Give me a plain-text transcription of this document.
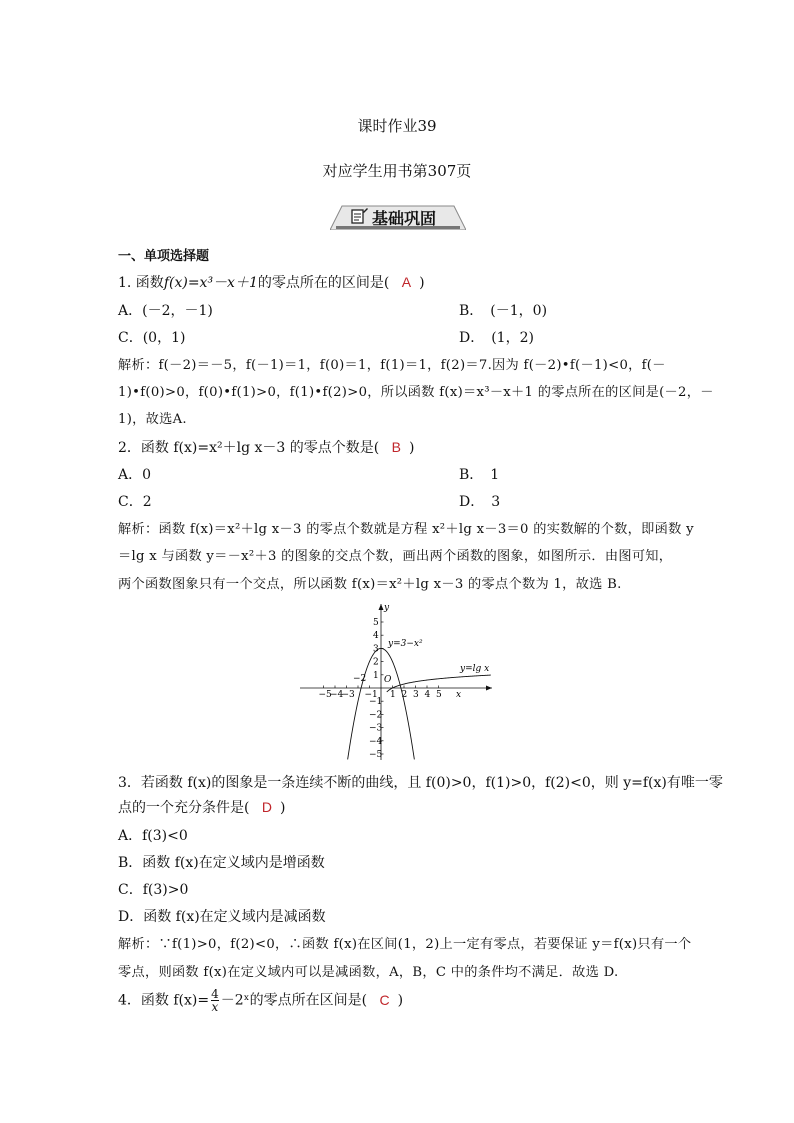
课时作业39
对应学生用书第307页
基础巩固
一、单项选择题
1. 函数f(x)=x³－x＋1的零点所在的区间是( A )
A．(－2，－1)	B．　(－1，0)
C．(0，1)	D．　(1，2)
解析：f(－2)＝－5，f(－1)＝1，f(0)＝1，f(1)＝1，f(2)＝7.因为 f(－2)•f(－1)<0，f(－
1)•f(0)>0，f(0)•f(1)>0，f(1)•f(2)>0，所以函数 f(x)＝x³－x＋1 的零点所在的区间是(－2，－
1)，故选A.
2．函数 f(x)=x²＋lg x－3 的零点个数是( B )
A．0	B．　1
C．2	D．　3
解析：函数 f(x)＝x²＋lg x－3 的零点个数就是方程 x²＋lg x－3＝0 的实数解的个数，即函数 y
＝lg x 与函数 y＝－x²＋3 的图象的交点个数，画出两个函数的图象，如图所示．由图可知，
两个函数图象只有一个交点，所以函数 f(x)＝x²＋lg x－3 的零点个数为 1，故选 B.
x
y
O
−5
−4
−3
−2
−1 1 2 3 4 5
5
4
3
2
1
−1
−2
−3
−4
−5
y=3−x²
y=lg x
3．若函数 f(x)的图象是一条连续不断的曲线，且 f(0)>0，f(1)>0，f(2)<0，则 y=f(x)有唯一零
点的一个充分条件是( D )
A．f(3)<0
B．函数 f(x)在定义域内是增函数
C．f(3)>0
D．函数 f(x)在定义域内是减函数
解析：∵f(1)>0，f(2)<0，∴函数 f(x)在区间(1，2)上一定有零点，若要保证 y＝f(x)只有一个
零点，则函数 f(x)在定义域内可以是减函数，A，B，C 中的条件均不满足．故选 D.
4．函数 $f(x)= \frac{4}{x}$ －2ˣ的零点所在区间是( C )
